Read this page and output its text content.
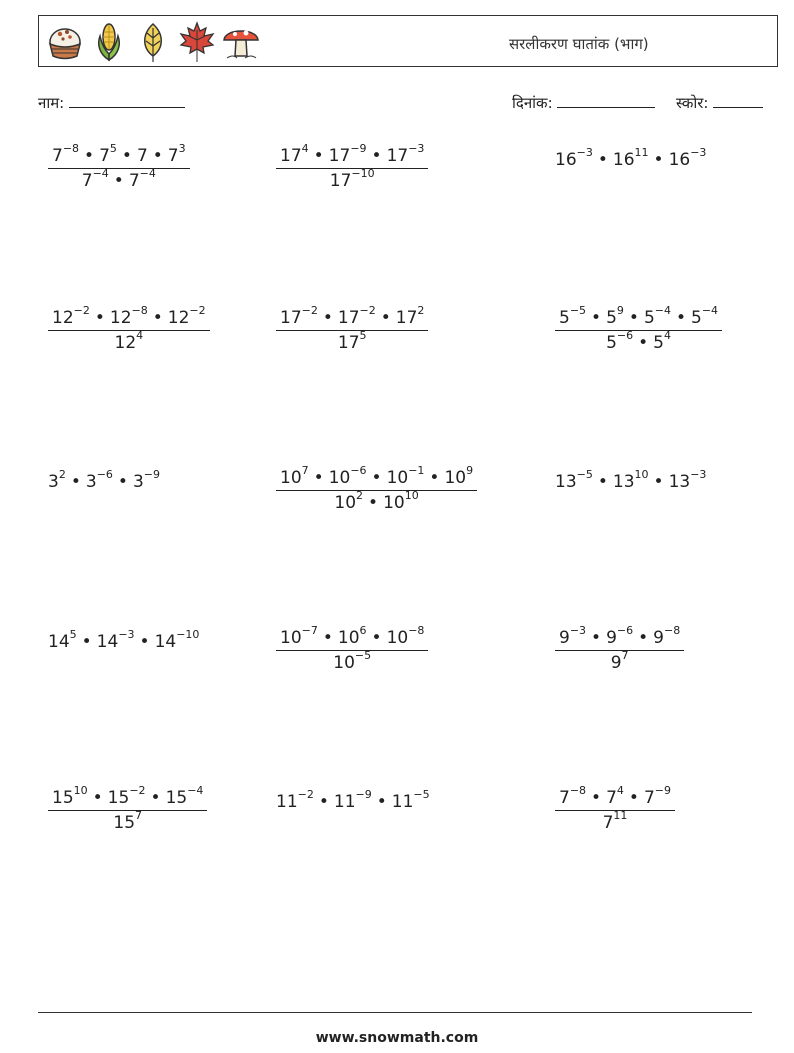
सरलीकरण घातांक (भाग)
नाम:	दिनांक:	स्कोर:
$\frac{7^{-8} • 7^5 • 7 • 7^3}{7^{-4} • 7^{-4}}$	$\frac{17^4 • 17^{-9} • 17^{-3}}{17^{-10}}$	$16^{-3}$ • $16^{11}$ • $16^{-3}$
$\frac{12^{-2} • 12^{-8} • 12^{-2}}{12^4}$	$\frac{17^{-2} • 17^{-2} • 17^2}{17^5}$	$\frac{5^{-5} • 5^9 • 5^{-4} • 5^{-4}}{5^{-6} • 5^4}$
$3^2$ • $3^{-6}$ • $3^{-9}$	$\frac{10^7 • 10^{-6} • 10^{-1} • 10^9}{10^2 • 10^{10}}$	$13^{-5}$ • $13^{10}$ • $13^{-3}$
$14^5$ • $14^{-3}$ • $14^{-10}$	$\frac{10^{-7} • 10^6 • 10^{-8}}{10^{-5}}$	$\frac{9^{-3} • 9^{-6} • 9^{-8}}{9^7}$
$\frac{15^{10} • 15^{-2} • 15^{-4}}{15^7}$	$11^{-2}$ • $11^{-9}$ • $11^{-5}$	$\frac{7^{-8} • 7^4 • 7^{-9}}{7^{11}}$
www.snowmath.com
